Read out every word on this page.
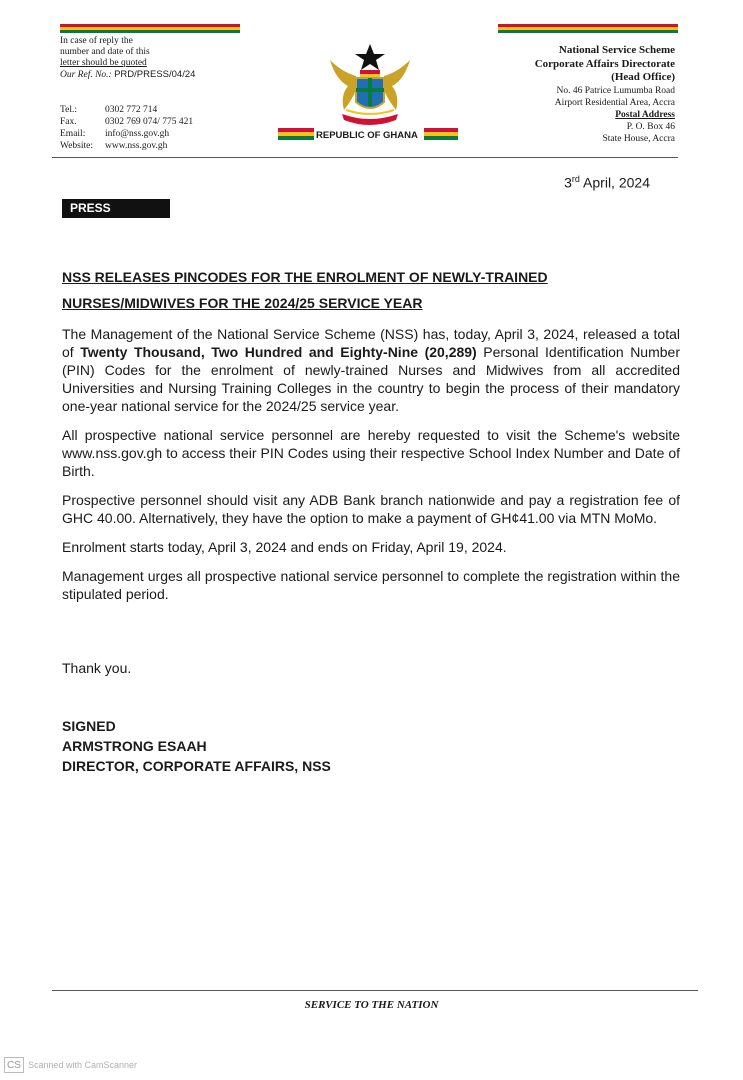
In case of reply the
number and date of this
letter should be quoted
Our Ref. No.: PRD/PRESS/04/24
Tel.:	0302 772 714
Fax.	0302 769 074/ 775 421
Email:	info@nss.gov.gh
Website:	www.nss.gov.gh
REPUBLIC OF GHANA
National Service Scheme
Corporate Affairs Directorate
(Head Office)
No. 46 Patrice Lumumba Road
Airport Residential Area, Accra
Postal Address
P. O. Box 46
State House, Accra
3rd April, 2024
PRESS RELEASE
NSS RELEASES PINCODES FOR THE ENROLMENT OF NEWLY-TRAINED
NURSES/MIDWIVES FOR THE 2024/25 SERVICE YEAR

The Management of the National Service Scheme (NSS) has, today, April 3, 2024, released a total of Twenty Thousand, Two Hundred and Eighty-Nine (20,289) Personal Identification Number (PIN) Codes for the enrolment of newly-trained Nurses and Midwives from all accredited Universities and Nursing Training Colleges in the country to begin the process of their mandatory one-year national service for the 2024/25 service year.

All prospective national service personnel are hereby requested to visit the Scheme's website www.nss.gov.gh to access their PIN Codes using their respective School Index Number and Date of Birth.

Prospective personnel should visit any ADB Bank branch nationwide and pay a registration fee of GHC 40.00. Alternatively, they have the option to make a payment of GH¢41.00 via MTN MoMo.

Enrolment starts today, April 3, 2024 and ends on Friday, April 19, 2024.

Management urges all prospective national service personnel to complete the registration within the stipulated period.

Thank you.
SIGNED
ARMSTRONG ESAAH
DIRECTOR, CORPORATE AFFAIRS, NSS
SERVICE TO THE NATION
CS Scanned with CamScanner
